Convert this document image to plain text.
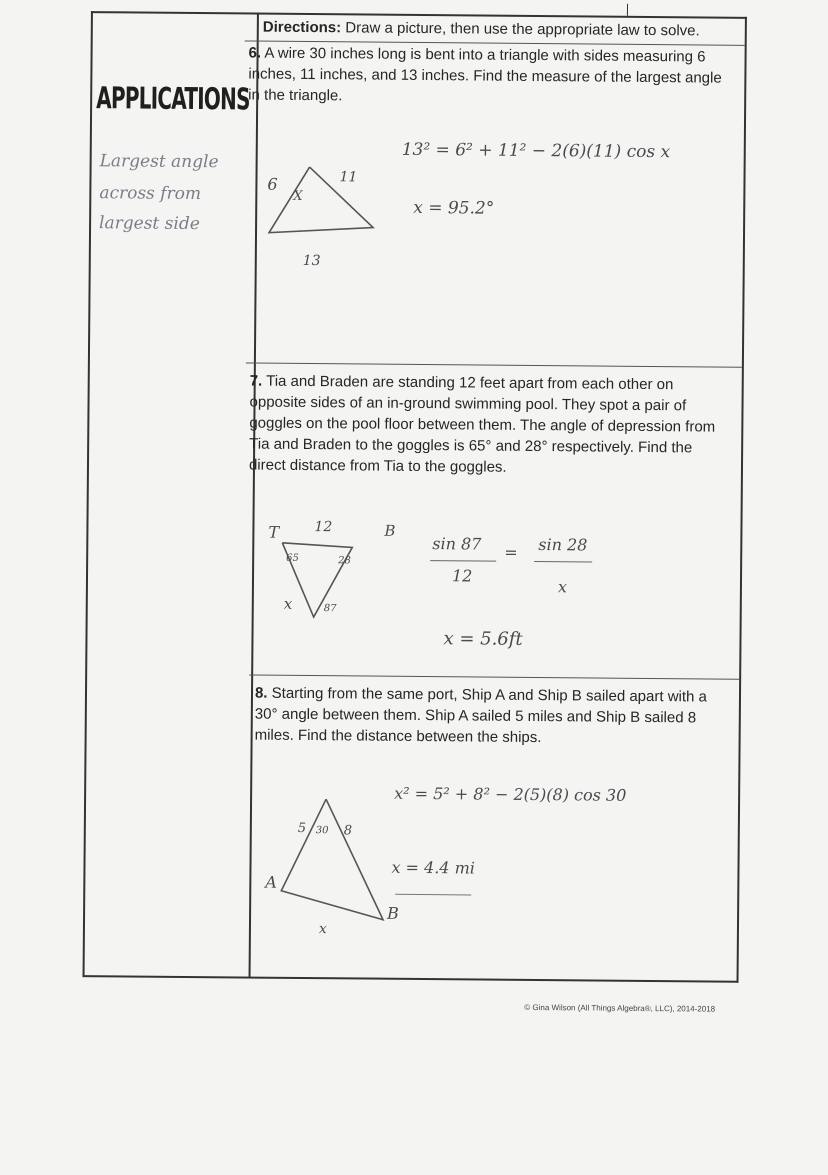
APPLICATIONS
Largest angle
across from
largest side
Directions: Draw a picture, then use the appropriate law to solve.
6. A wire 30 inches long is bent into a triangle with sides measuring 6 inches, 11 inches, and 13 inches. Find the measure of the largest angle in the triangle.
13² = 6² + 11² − 2(6)(11) cos x
x = 95.2°
6
X
11
13
7. Tia and Braden are standing 12 feet apart from each other on opposite sides of an in-ground swimming pool. They spot a pair of goggles on the pool floor between them. The angle of depression from Tia and Braden to the goggles is 65° and 28° respectively. Find the direct distance from Tia to the goggles.
T	12	B
65	28
x	87
sin 87 = sin 28
12
x
x = 5.6ft
8. Starting from the same port, Ship A and Ship B sailed apart with a 30° angle between them. Ship A sailed 5 miles and Ship B sailed 8 miles. Find the distance between the ships.
x² = 5² + 8² − 2(5)(8) cos 30
x = 4.4 mi
5 30 8
A
B
x
© Gina Wilson (All Things Algebra®, LLC), 2014-2018
